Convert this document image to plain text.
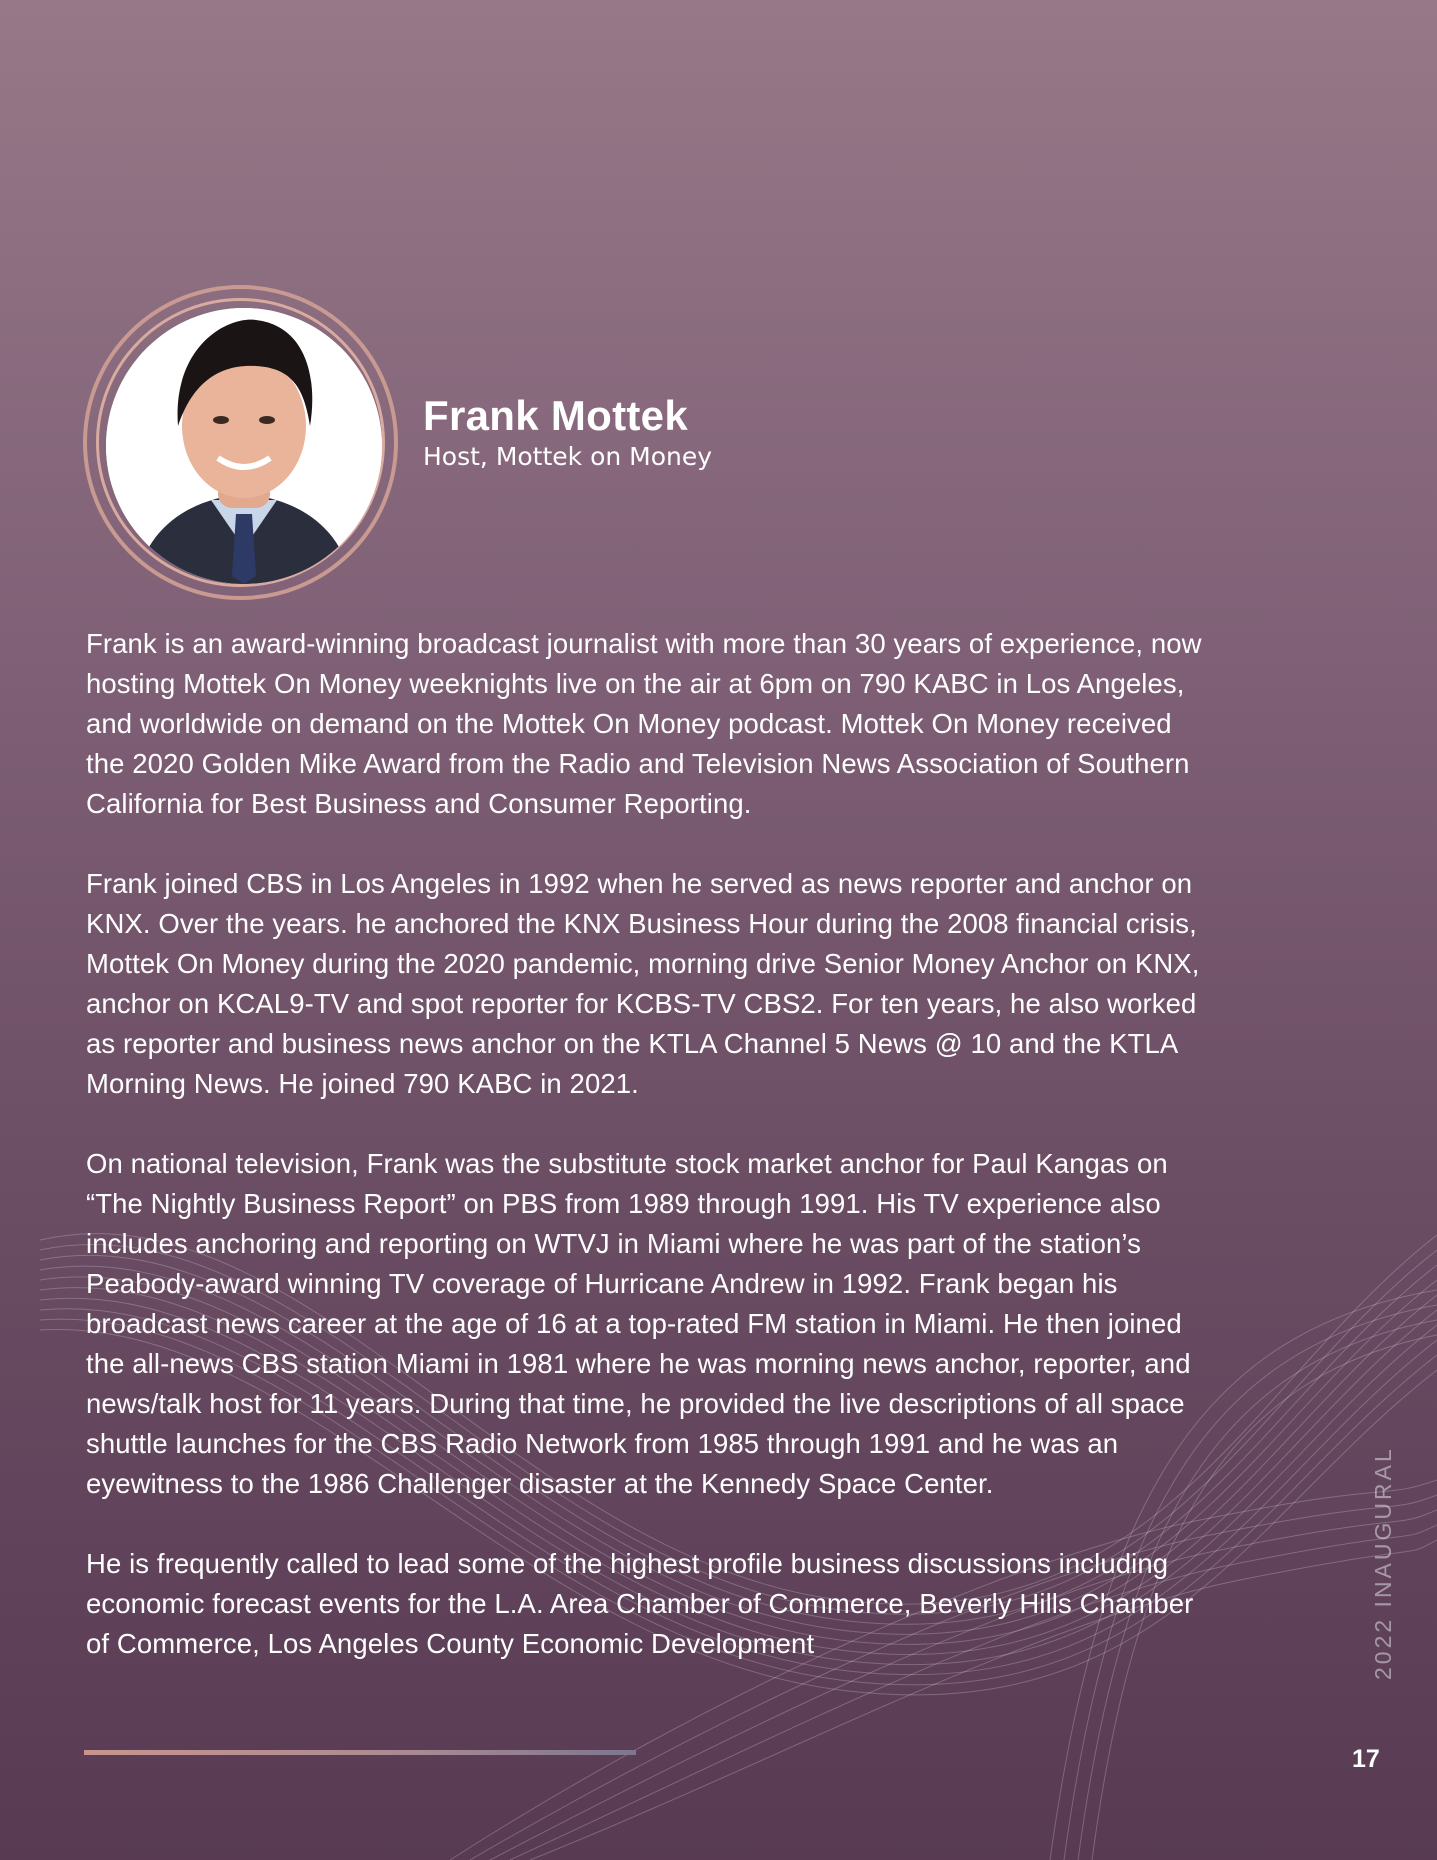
Frank Mottek
Host, Mottek on Money

Frank is an award-winning broadcast journalist with more than 30 years of experience, now hosting Mottek On Money weeknights live on the air at 6pm on 790 KABC in Los Angeles, and worldwide on demand on the Mottek On Money podcast. Mottek On Money received the 2020 Golden Mike Award from the Radio and Television News Association of Southern California for Best Business and Consumer Reporting.

Frank joined CBS in Los Angeles in 1992 when he served as news reporter and anchor on KNX. Over the years. he anchored the KNX Business Hour during the 2008 financial crisis, Mottek On Money during the 2020 pandemic, morning drive Senior Money Anchor on KNX, anchor on KCAL9-TV and spot reporter for KCBS-TV CBS2. For ten years, he also worked as reporter and business news anchor on the KTLA Channel 5 News @ 10 and the KTLA Morning News. He joined 790 KABC in 2021.

On national television, Frank was the substitute stock market anchor for Paul Kangas on “The Nightly Business Report” on PBS from 1989 through 1991. His TV experience also includes anchoring and reporting on WTVJ in Miami where he was part of the station’s Peabody-award winning TV coverage of Hurricane Andrew in 1992. Frank began his broadcast news career at the age of 16 at a top-rated FM station in Miami. He then joined the all-news CBS station Miami in 1981 where he was morning news anchor, reporter, and news/talk host for 11 years. During that time, he provided the live descriptions of all space shuttle launches for the CBS Radio Network from 1985 through 1991 and he was an eyewitness to the 1986 Challenger disaster at the Kennedy Space Center.

He is frequently called to lead some of the highest profile business discussions including economic forecast events for the L.A. Area Chamber of Commerce, Beverly Hills Chamber of Commerce, Los Angeles County Economic Development	2022 INAUGURAL
17
